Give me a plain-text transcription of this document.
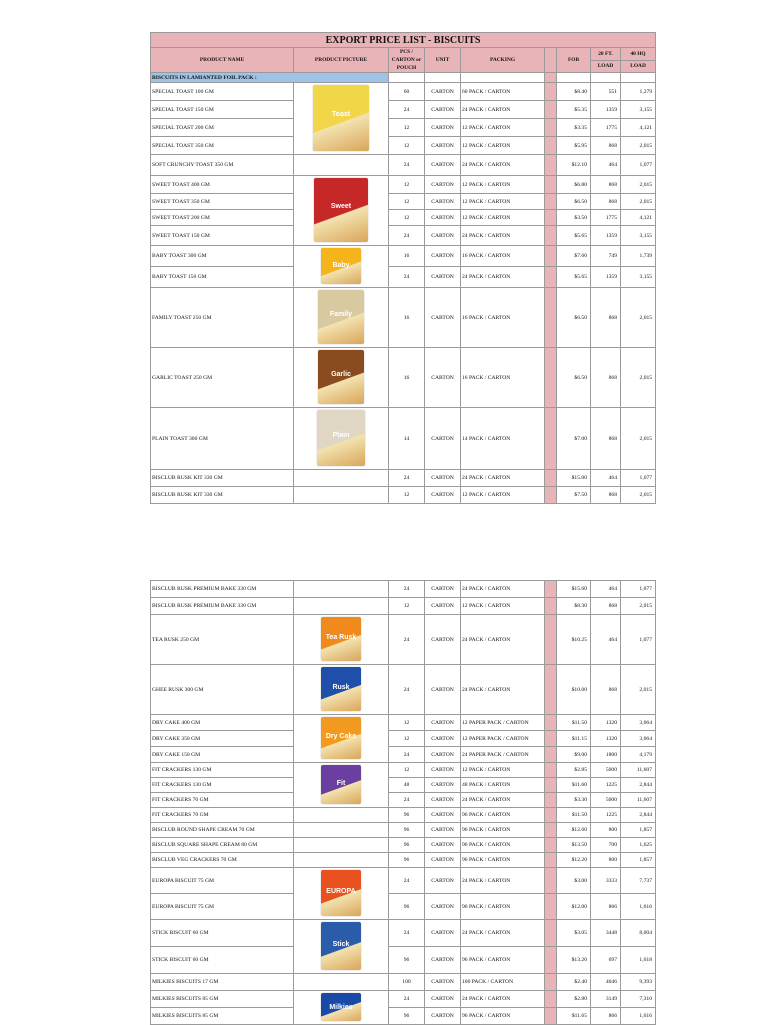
EXPORT PRICE LIST - BISCUITS								
PRODUCT NAME	PRODUCT PICTURE	PCS /
CARTON or
POUCH	UNIT	PACKING		FOB	20 FT.	40 HQ
							LOAD	LOAD
BISCUITS IN LAMIANTED FOIL PACK :								
SPECIAL TOAST 100 GM	Toast	60	CARTON	60 PACK / CARTON		$8.40	551	1,279
SPECIAL TOAST 150 GM		24	CARTON	24 PACK / CARTON		$5.35	1359	3,155
SPECIAL TOAST 200 GM		12	CARTON	12 PACK / CARTON		$3.35	1775	4,121
SPECIAL TOAST 350 GM		12	CARTON	12 PACK / CARTON		$5.95	868	2,015
SOFT CRUNCHY TOAST 350 GM		24	CARTON	24 PACK / CARTON		$12.10	464	1,077
SWEET TOAST 400 GM	Sweet	12	CARTON	12 PACK / CARTON		$6.80	868	2,015
SWEET TOAST 350 GM		12	CARTON	12 PACK / CARTON		$6.50	868	2,015
SWEET TOAST 200 GM		12	CARTON	12 PACK / CARTON		$3.50	1775	4,121
SWEET TOAST 150 GM		24	CARTON	24 PACK / CARTON		$5.65	1359	3,155
BABY TOAST 300 GM	Baby	16	CARTON	16 PACK / CARTON		$7.60	749	1,739
BABY TOAST 150 GM		24	CARTON	24 PACK / CARTON		$5.65	1359	3,155
FAMILY TOAST 250 GM	Family	16	CARTON	16 PACK / CARTON		$6.50	868	2,015
GARLIC TOAST 250 GM	Garlic	16	CARTON	16 PACK / CARTON		$6.50	868	2,015
PLAIN TOAST 300 GM	Plain	14	CARTON	14 PACK / CARTON		$7.00	868	2,015
BISCLUB RUSK KIT 330 GM		24	CARTON	24 PACK / CARTON		$15.00	464	1,077
BISCLUB RUSK KIT 330 GM		12	CARTON	12 PACK / CARTON		$7.50	868	2,015
BISCLUB RUSK PREMIUM BAKE 330 GM		24	CARTON	24 PACK / CARTON		$15.60	464	1,077
BISCLUB RUSK PREMIUM BAKE 330 GM		12	CARTON	12 PACK / CARTON		$8.30	868	2,015
TEA RUSK 250 GM	Tea Rusk	24	CARTON	24 PACK / CARTON		$10.25	464	1,077
GHEE RUSK 300 GM	Rusk	24	CARTON	24 PACK / CARTON		$10.00	868	2,015
DRY CAKE 400 GM	Dry Cake	12	CARTON	12 PAPER PACK / CARTON		$11.50	1320	3,064
DRY CAKE 350 GM		12	CARTON	12 PAPER PACK / CARTON		$11.15	1320	3,064
DRY CAKE 150 GM		24	CARTON	24 PAPER PACK / CARTON		$9.00	1800	4,179
FIT CRACKERS 130 GM	Fit	12	CARTON	12 PACK / CARTON		$2.85	5000	11,607
FIT CRACKERS 130 GM		48	CARTON	48 PACK / CARTON		$11.60	1225	2,844
FIT CRACKERS 70 GM		24	CARTON	24 PACK / CARTON		$3.30	5000	11,607
FIT CRACKERS 70 GM		96	CARTON	96 PACK / CARTON		$11.50	1225	2,844
BISCLUB ROUND SHAPE CREAM 70 GM		96	CARTON	96 PACK / CARTON		$12.60	800	1,857
BISCLUB SQUARE SHAPE CREAM 80 GM		96	CARTON	96 PACK / CARTON		$13.50	700	1,625
BISCLUB VEG CRACKERS 70 GM		96	CARTON	96 PACK / CARTON		$12.20	800	1,857
EUROPA BISCUIT 75 GM	EUROPA	24	CARTON	24 PACK / CARTON		$3.00	3333	7,737
EUROPA BISCUIT 75 GM		96	CARTON	96 PACK / CARTON		$12.00	866	1,616
STICK BISCUIT 60 GM	Stick	24	CARTON	24 PACK / CARTON		$3.05	3448	8,004
STICK BISCUIT 60 GM		96	CARTON	96 PACK / CARTON		$13.20	697	1,618
MILKIES BISCUITS 17 GM		100	CARTON	100 PACK / CARTON		$2.40	4046	9,393
MILKIES BISCUITS 85 GM	Milkies	24	CARTON	24 PACK / CARTON		$2.80	3149	7,310
MILKIES BISCUITS 85 GM		96	CARTON	96 PACK / CARTON		$11.65	866	1,616
